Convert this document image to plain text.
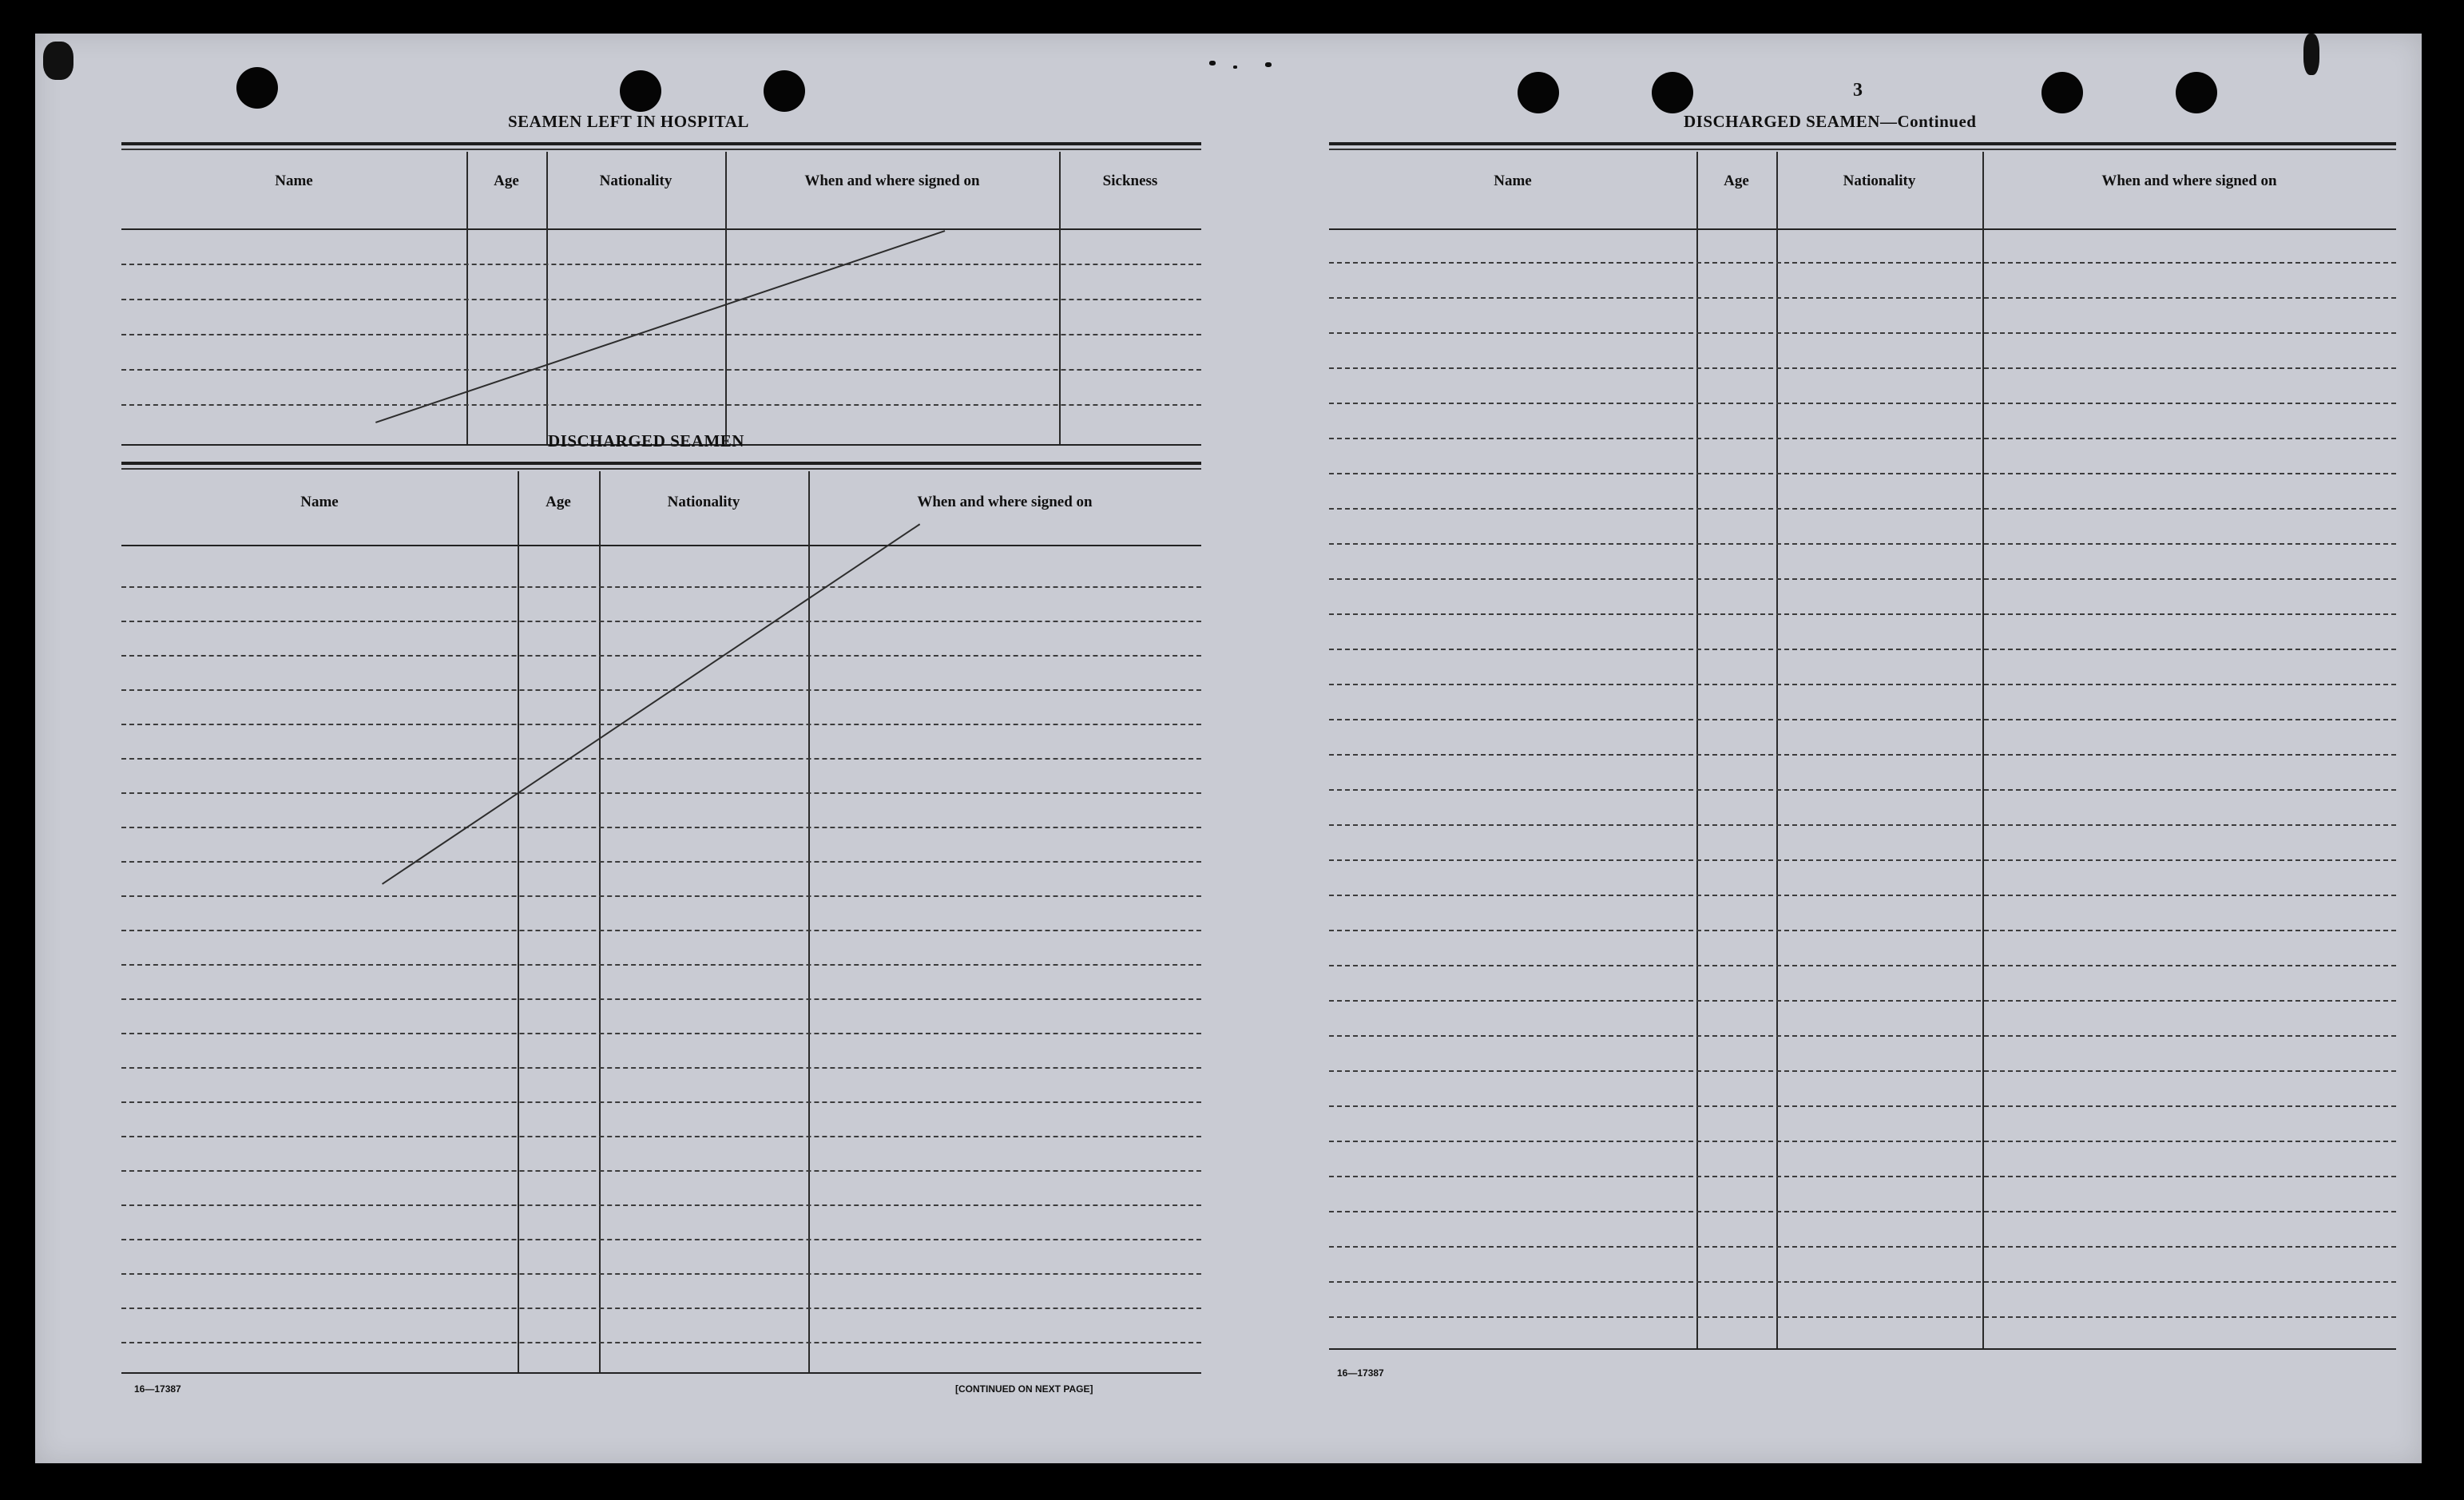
SEAMEN LEFT IN HOSPITAL
Name	Age	Nationality	When and where signed on	Sickness
DISCHARGED SEAMEN
Name	Age	Nationality	When and where signed on
16—17387	[CONTINUED ON NEXT PAGE]
3
DISCHARGED SEAMEN—Continued
Name	Age	Nationality	When and where signed on
16—17387
